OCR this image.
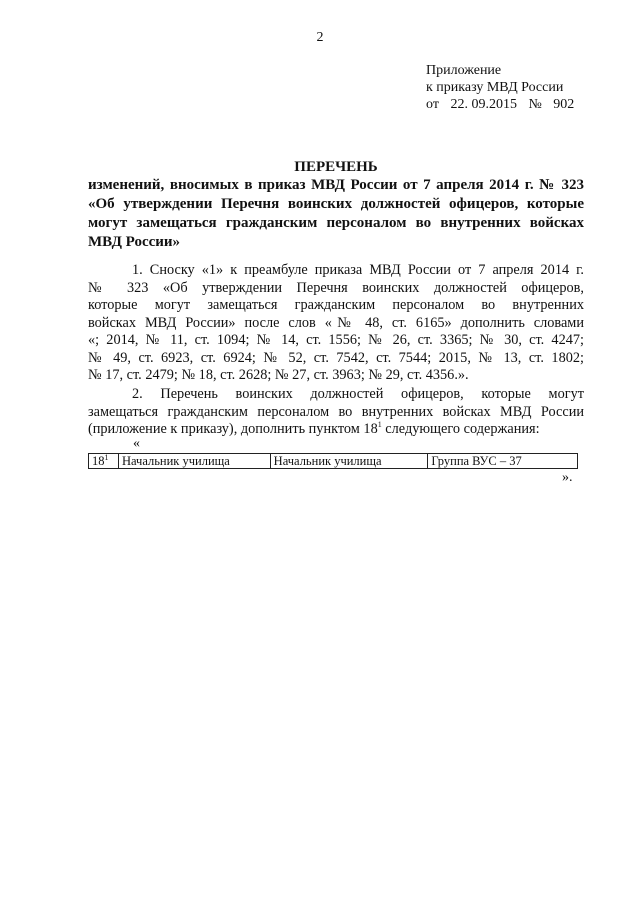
2
Приложение
к приказу МВД России
от 22. 09.2015 № 902
ПЕРЕЧЕНЬ
изменений, вносимых в приказ МВД России от 7 апреля 2014 г. № 323
«Об утверждении Перечня воинских должностей офицеров, которые
могут замещаться гражданским персоналом во внутренних войсках
МВД России»
1. Сноску «1» к преамбуле приказа МВД России от 7 апреля 2014 г.
№ 323 «Об утверждении Перечня воинских должностей офицеров,
которые могут замещаться гражданским персоналом во внутренних
войсках МВД России» после слов «№ 48, ст. 6165» дополнить словами
«; 2014, № 11, ст. 1094; № 14, ст. 1556; № 26, ст. 3365; № 30, ст. 4247;
№ 49, ст. 6923, ст. 6924; № 52, ст. 7542, ст. 7544; 2015, № 13, ст. 1802;
№ 17, ст. 2479; № 18, ст. 2628; № 27, ст. 3963; № 29, ст. 4356.».
2. Перечень воинских должностей офицеров, которые могут
замещаться гражданским персоналом во внутренних войсках МВД России
(приложение к приказу), дополнить пунктом $18^1$ следующего содержания:
«
$18^1$	Начальник училища	Начальник училища	Группа ВУС – 37
».
